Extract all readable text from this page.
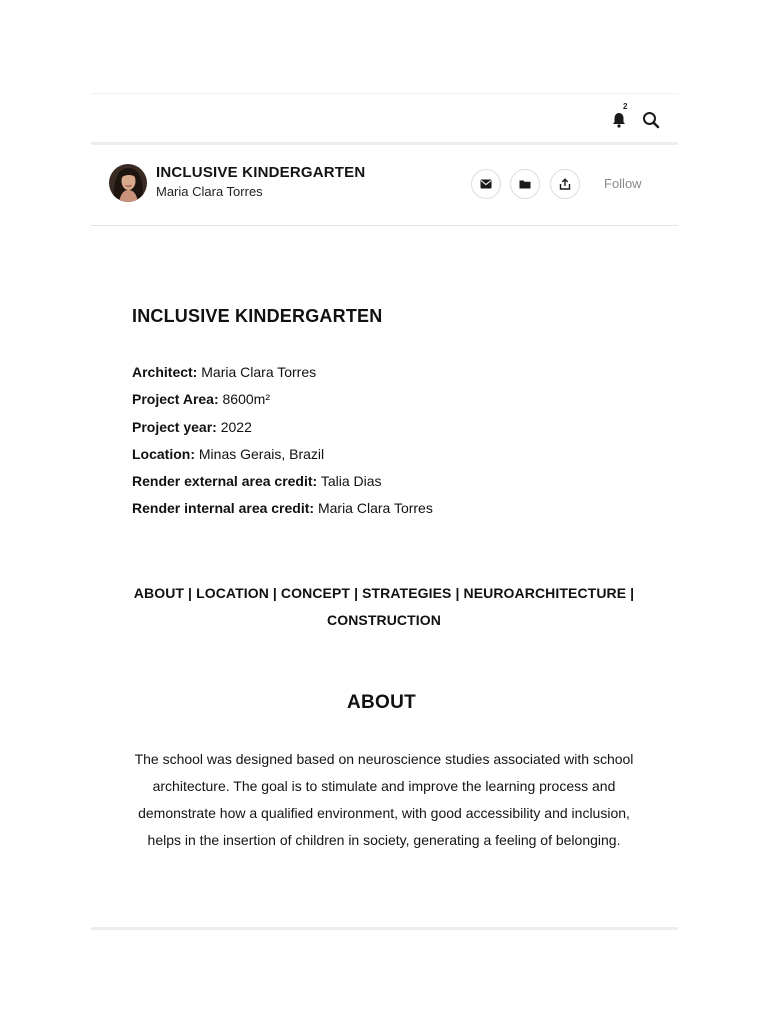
2
INCLUSIVE KINDERGARTEN
Maria Clara Torres
Follow
INCLUSIVE KINDERGARTEN
Architect: Maria Clara Torres
Project Area: 8600m²
Project year: 2022
Location: Minas Gerais, Brazil
Render external area credit: Talia Dias
Render internal area credit: Maria Clara Torres
ABOUT | LOCATION | CONCEPT | STRATEGIES | NEUROARCHITECTURE | CONSTRUCTION
ABOUT

The school was designed based on neuroscience studies associated with school architecture. The goal is to stimulate and improve the learning process and demonstrate how a qualified environment, with good accessibility and inclusion, helps in the insertion of children in society, generating a feeling of belonging.
